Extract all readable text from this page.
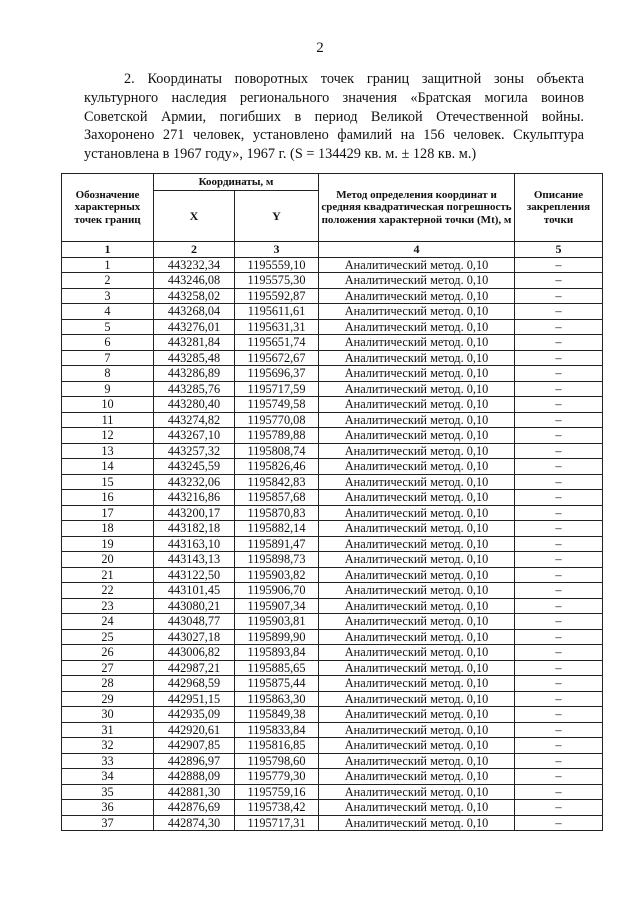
2
2. Координаты поворотных точек границ защитной зоны объекта культурного наследия регионального значения «Братская могила воинов Советской Армии, погибших в период Великой Отечественной войны. Захоронено 271 человек, установлено фамилий на 156 человек. Скульптура установлена в 1967 году», 1967 г. (S = 134429 кв. м. ± 128 кв. м.)
Обозначение характерных точек границ	Координаты, м		Метод определения координат и средняя квадратическая погрешность положения характерной точки (Mt), м	Описание закрепления точки
	X	Y		
1	2	3	4	5
1	443232,34	1195559,10	Аналитический метод. 0,10	–
2	443246,08	1195575,30	Аналитический метод. 0,10	–
3	443258,02	1195592,87	Аналитический метод. 0,10	–
4	443268,04	1195611,61	Аналитический метод. 0,10	–
5	443276,01	1195631,31	Аналитический метод. 0,10	–
6	443281,84	1195651,74	Аналитический метод. 0,10	–
7	443285,48	1195672,67	Аналитический метод. 0,10	–
8	443286,89	1195696,37	Аналитический метод. 0,10	–
9	443285,76	1195717,59	Аналитический метод. 0,10	–
10	443280,40	1195749,58	Аналитический метод. 0,10	–
11	443274,82	1195770,08	Аналитический метод. 0,10	–
12	443267,10	1195789,88	Аналитический метод. 0,10	–
13	443257,32	1195808,74	Аналитический метод. 0,10	–
14	443245,59	1195826,46	Аналитический метод. 0,10	–
15	443232,06	1195842,83	Аналитический метод. 0,10	–
16	443216,86	1195857,68	Аналитический метод. 0,10	–
17	443200,17	1195870,83	Аналитический метод. 0,10	–
18	443182,18	1195882,14	Аналитический метод. 0,10	–
19	443163,10	1195891,47	Аналитический метод. 0,10	–
20	443143,13	1195898,73	Аналитический метод. 0,10	–
21	443122,50	1195903,82	Аналитический метод. 0,10	–
22	443101,45	1195906,70	Аналитический метод. 0,10	–
23	443080,21	1195907,34	Аналитический метод. 0,10	–
24	443048,77	1195903,81	Аналитический метод. 0,10	–
25	443027,18	1195899,90	Аналитический метод. 0,10	–
26	443006,82	1195893,84	Аналитический метод. 0,10	–
27	442987,21	1195885,65	Аналитический метод. 0,10	–
28	442968,59	1195875,44	Аналитический метод. 0,10	–
29	442951,15	1195863,30	Аналитический метод. 0,10	–
30	442935,09	1195849,38	Аналитический метод. 0,10	–
31	442920,61	1195833,84	Аналитический метод. 0,10	–
32	442907,85	1195816,85	Аналитический метод. 0,10	–
33	442896,97	1195798,60	Аналитический метод. 0,10	–
34	442888,09	1195779,30	Аналитический метод. 0,10	–
35	442881,30	1195759,16	Аналитический метод. 0,10	–
36	442876,69	1195738,42	Аналитический метод. 0,10	–
37	442874,30	1195717,31	Аналитический метод. 0,10	–
